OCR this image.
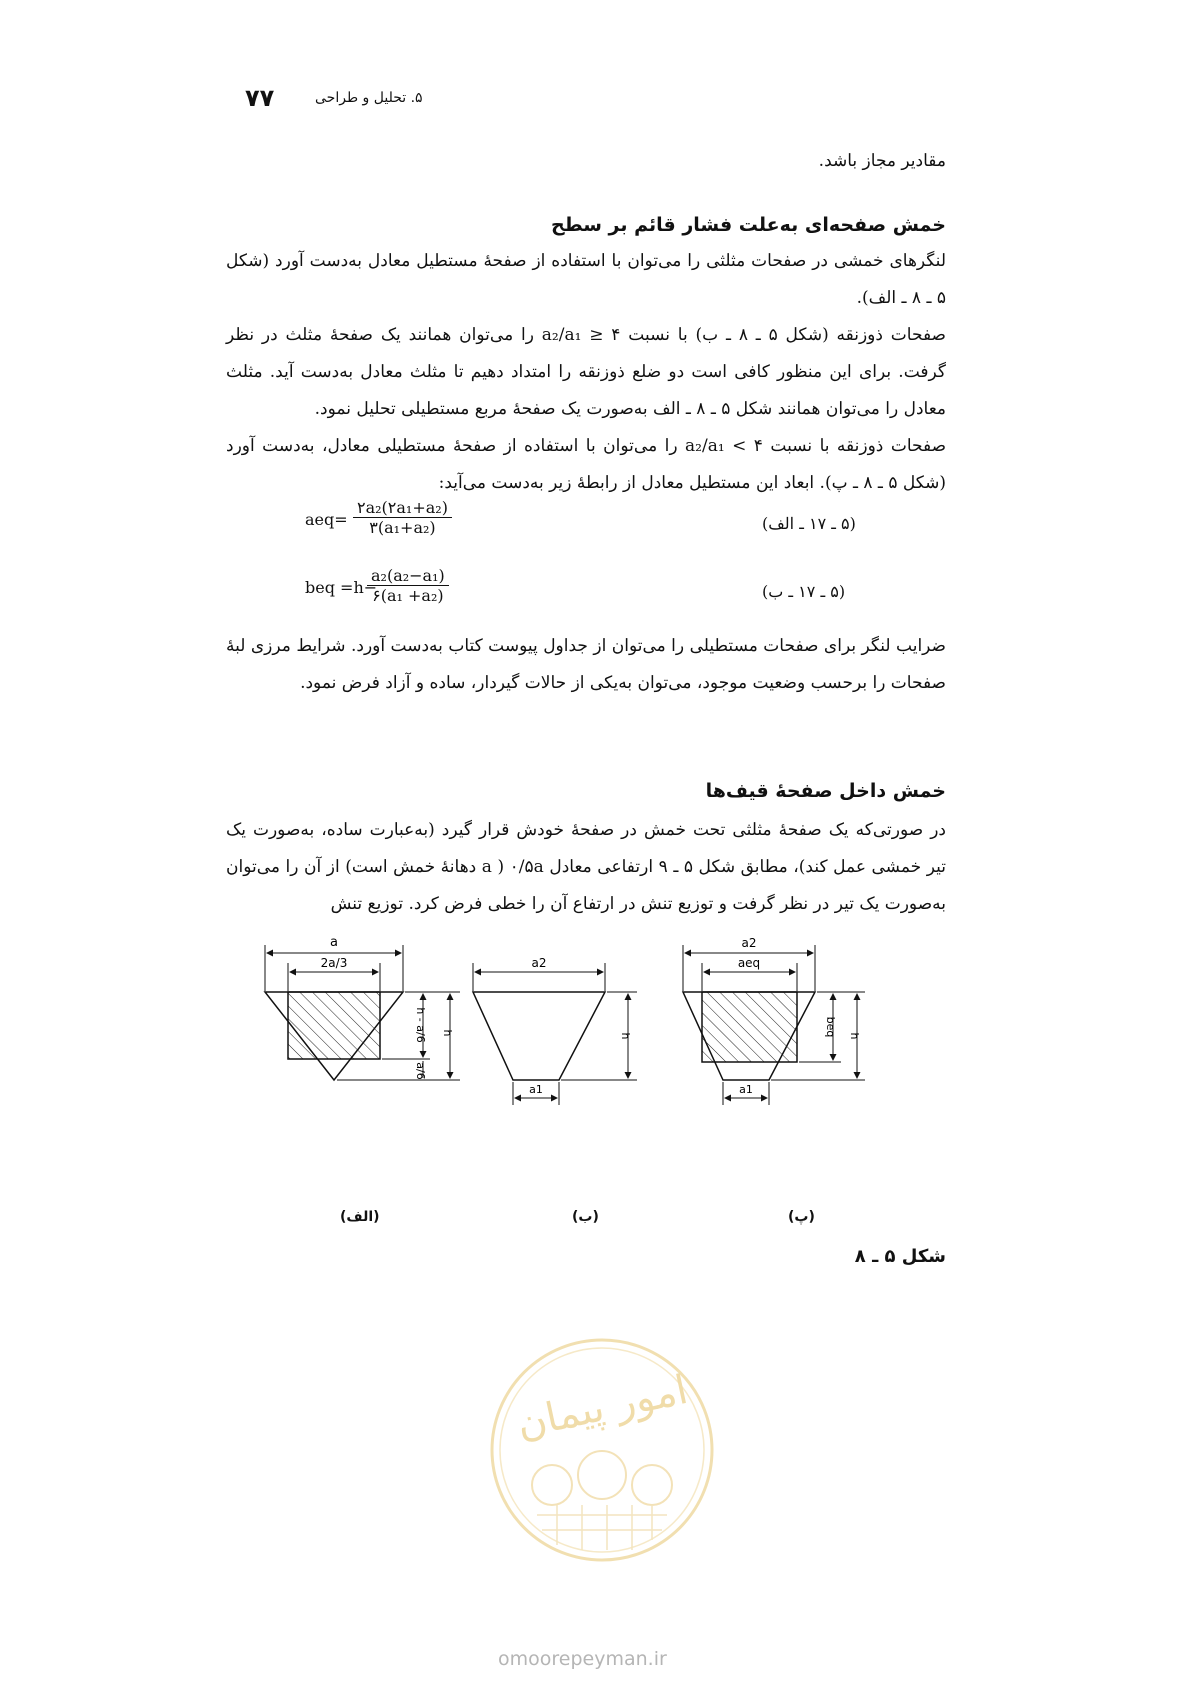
۷۷	۵. تحلیل و طراحی
مقادیر مجاز باشد.
خمش صفحه‌ای به‌علت فشار قائم بر سطح
لنگرهای خمشی در صفحات مثلثی را می‌توان با استفاده از صفحهٔ مستطیل معادل به‌دست آورد (شکل ۵ ـ ۸ ـ الف).
صفحات ذوزنقه (شکل ۵ ـ ۸ ـ ب) با نسبت a₂/a₁ ≥ ۴ را می‌توان همانند یک صفحهٔ مثلث در نظر گرفت. برای این منظور کافی است دو ضلع ذوزنقه را امتداد دهیم تا مثلث معادل به‌دست آید. مثلث معادل را می‌توان همانند شکل ۵ ـ ۸ ـ الف به‌صورت یک صفحهٔ مربع مستطیلی تحلیل نمود.
صفحات ذوزنقه با نسبت a₂/a₁ < ۴ را می‌توان با استفاده از صفحهٔ مستطیلی معادل، به‌دست آورد (شکل ۵ ـ ۸ ـ پ). ابعاد این مستطیل معادل از رابطهٔ زیر به‌دست می‌آید:
$aeq= \frac{\text{۲a₂(۲a₁+a₂)}}{\text{۳(a₁+a₂)}}$	(۵ ـ ۱۷ ـ الف)
beq =h−
$\frac{\text{a₂(a₂−a₁)}}{\text{۶(a₁ +a₂)}}$	(۵ ـ ۱۷ ـ ب)
ضرایب لنگر برای صفحات مستطیلی را می‌توان از جداول پیوست کتاب به‌دست آورد. شرایط مرزی لبهٔ صفحات را برحسب وضعیت موجود، می‌توان به‌یکی از حالات گیردار، ساده و آزاد فرض نمود.
خمش داخل صفحهٔ قیف‌ها
در صورتی‌که یک صفحهٔ مثلثی تحت خمش در صفحهٔ خودش قرار گیرد (به‌عبارت ساده، به‌صورت یک تیر خمشی عمل کند)، مطابق شکل ۵ ـ ۹ ارتفاعی معادل ۰/۵a ( a دهانهٔ خمش است) از آن را می‌توان به‌صورت یک تیر در نظر گرفت و توزیع تنش در ارتفاع آن را خطی فرض کرد. توزیع تنش
a
2a/3
h - a/6
a/6
h
a2
h
a1
a2
aeq
beq h
a1
(الف)	(ب)	(پ)
شکل ۵ ـ ۸
امور پیمان
omoorepeyman.ir
